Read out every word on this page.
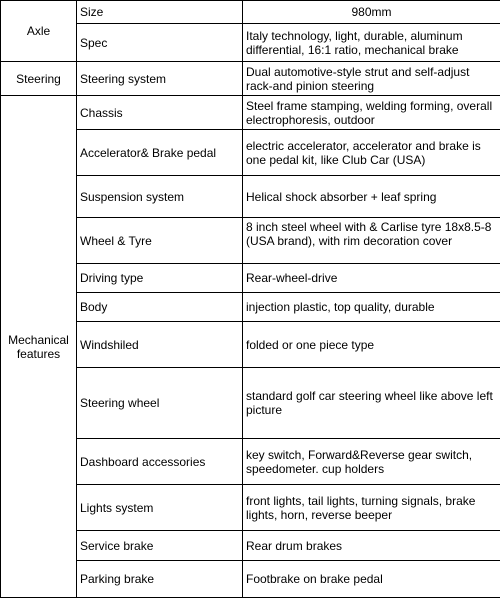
Axle	Size	980mm
	Spec	Italy technology, light, durable, aluminum differential, 16:1 ratio, mechanical brake
Steering	Steering system	Dual automotive-style strut and self-adjust rack-and pinion steering
Mechanical features	Chassis	Steel frame stamping, welding forming, overall electrophoresis, outdoor
	Accelerator& Brake pedal	electric accelerator, accelerator and brake is one pedal kit, like Club Car (USA)
	Suspension system	Helical shock absorber + leaf spring
	Wheel & Tyre	8 inch steel wheel with & Carlise tyre 18x8.5-8 (USA brand), with rim decoration cover

	Driving type	Rear-wheel-drive
	Body	injection plastic, top quality, durable
	Windshiled	folded or one piece type
	Steering wheel	standard golf car steering wheel like above left picture
	Dashboard accessories	key switch, Forward&Reverse gear switch, speedometer. cup holders
	Lights system	front lights, tail lights, turning signals, brake lights, horn, reverse beeper
	Service brake	Rear drum brakes
	Parking brake	Footbrake on brake pedal
